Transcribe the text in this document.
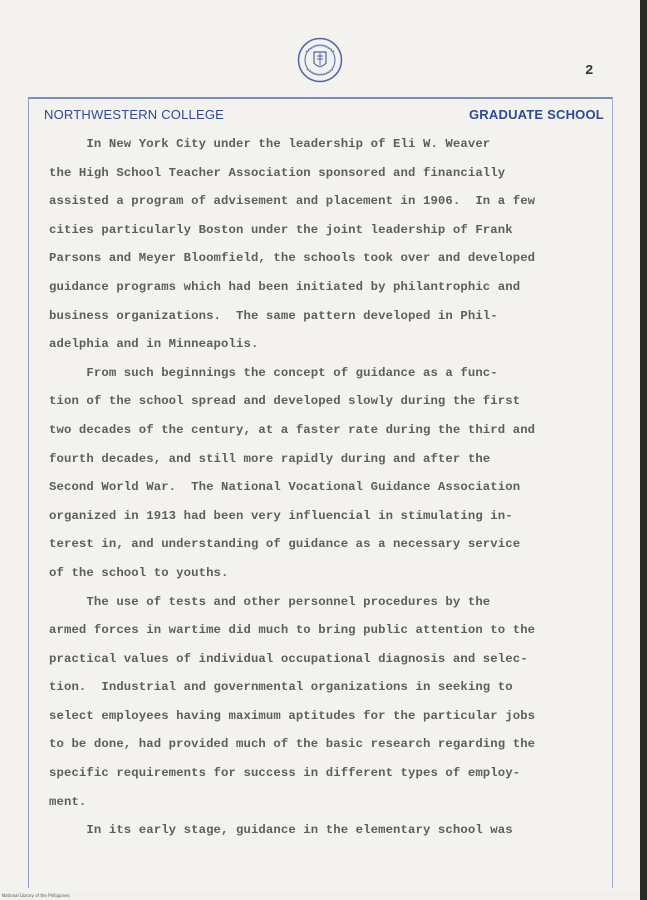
2
NORTHWESTERN COLLEGE	GRADUATE SCHOOL
In New York City under the leadership of Eli W. Weaver
the High School Teacher Association sponsored and financially
assisted a program of advisement and placement in 1906.  In a few
cities particularly Boston under the joint leadership of Frank
Parsons and Meyer Bloomfield, the schools took over and developed
guidance programs which had been initiated by philantrophic and
business organizations.  The same pattern developed in Phil-
adelphia and in Minneapolis.
From such beginnings the concept of guidance as a func-
tion of the school spread and developed slowly during the first
two decades of the century, at a faster rate during the third and
fourth decades, and still more rapidly during and after the
Second World War.  The National Vocational Guidance Association
organized in 1913 had been very influencial in stimulating in-
terest in, and understanding of guidance as a necessary service
of the school to youths.
The use of tests and other personnel procedures by the
armed forces in wartime did much to bring public attention to the
practical values of individual occupational diagnosis and selec-
tion.  Industrial and governmental organizations in seeking to
select employees having maximum aptitudes for the particular jobs
to be done, had provided much of the basic research regarding the
specific requirements for success in different types of employ-
ment.
In its early stage, guidance in the elementary school was
National Library of the Philippines
